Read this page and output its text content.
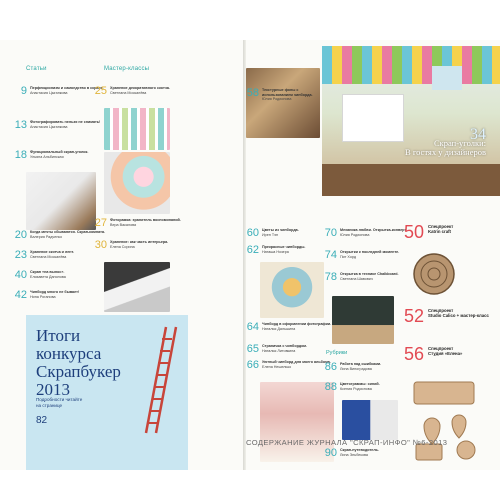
Статьи	Мастер-классы
9 Перфекционизм и самоедство в скрапе.
Анастасия Цыганкова
13 Фотографировать нельзя не снимать!
Анастасия Цыганкова
18 Функциональный скрап-уголок.
Ульяна Альбинская
20 Когда мечты сбываются. Скрап-комната.
Валерия Радченко
23 Хранение скотча и лент.
Светлана Москалёва
40 Скрап «на вынос».
Елизавета Данилова
42 Чипборд много не бывает!
Нина Роганова
25 Хранение декоративного скотча.
Светлана Москалёва
27 Фоторамка: хранитель воспоминаний.
Вера Вакалова
30 Хранение: как часть интерьера.
Елена Сорина
Итоги
конкурса
Скрапбукер
2013
Подробности читайте
на странице
82
34
Скрап-уголки:
В гостях у дизайнеров
58 Текстурные фоны с использованием чипборда.
Юлия Родионова
60 Цветы из чипборда.
Ирен Тэн
62 Прекрасные чипборды.
Наташа Нозера
64 Чипборд в оформлении фотографии.
Наталья Дальшина
65 Страничка с чипбордом.
Наталья Литовкина
66 Уютный чипборд для моего альбома.
Елена Нешелько
70 Механика любви. Открытка-конверт.
Юлия Родионова
74 Открытки к последней моменте.
Пит Хорд
78 Открытка в технике Chalkboard.
Светлана Шавович
Рубрики
86 Работа над ошибками.
Лина Виноградова
88 Цветограммы: синий.
Ксения Родионова
90 Скрап-путеводитель.
Лина Эльбекова
50 Спецпроект
Katrin craft
52 Спецпроект
Studio Calico + мастер-класс
56 Спецпроект
Студия «Елена»
СОДЕРЖАНИЕ ЖУРНАЛА "СКРАП-ИНФО" №6-2013
